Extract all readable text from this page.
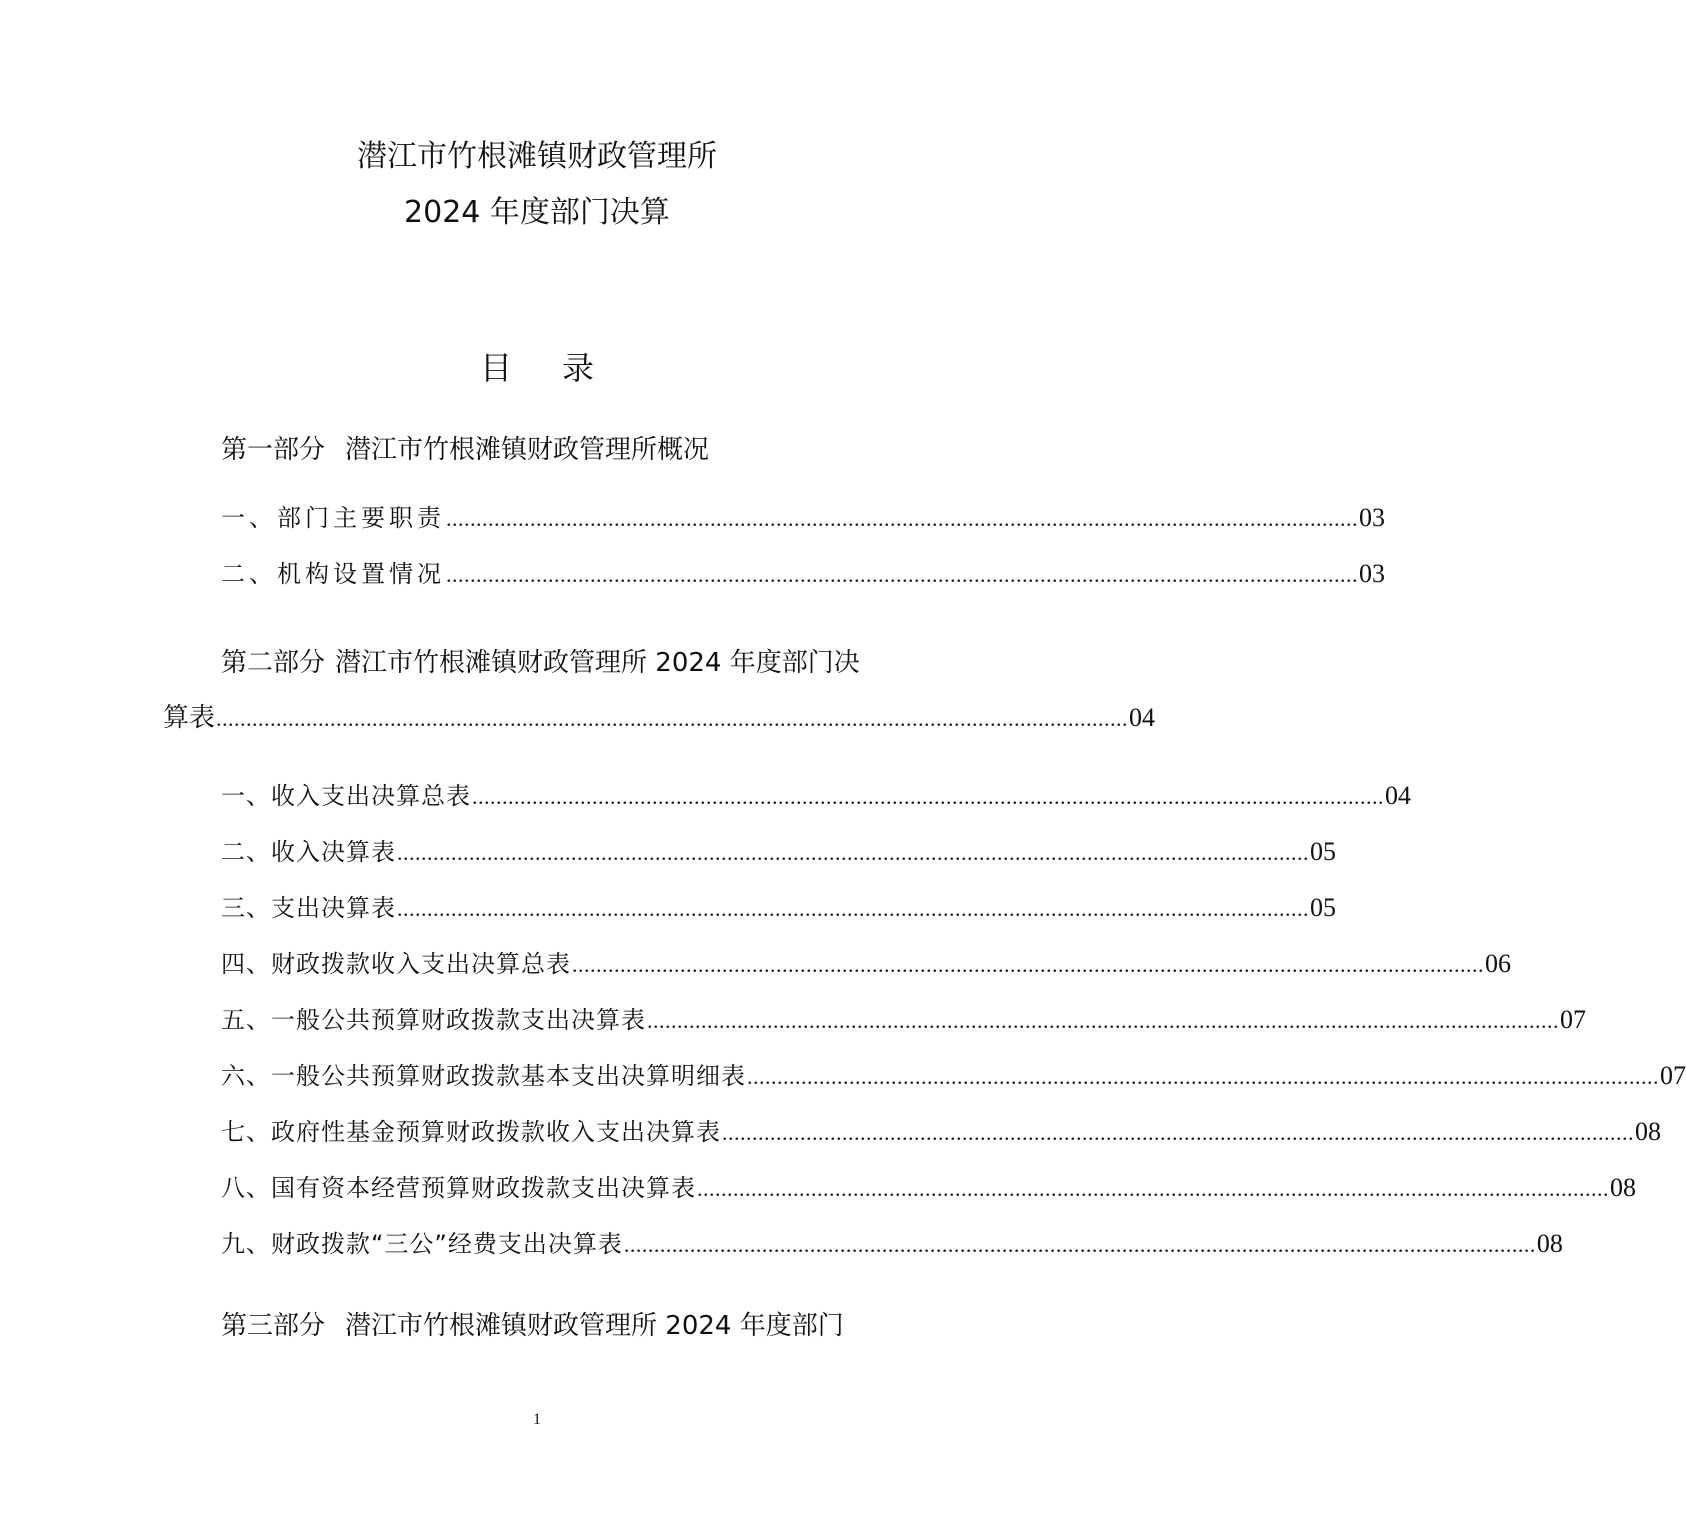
潜江市竹根滩镇财政管理所
2024 年度部门决算
目录
第一部分 潜江市竹根滩镇财政管理所概况
一、部门主要职责 ........................................................................................................................................................ 03
二、机构设置情况 ........................................................................................................................................................ 03
第二部分 潜江市竹根滩镇财政管理所 2024 年度部门决
算表 ........................................................................................................................................................ 04
一、收入支出决算总表 ........................................................................................................................................................ 04
二、收入决算表 ........................................................................................................................................................ 05
三、支出决算表 ........................................................................................................................................................ 05
四、财政拨款收入支出决算总表 ........................................................................................................................................................ 06
五、一般公共预算财政拨款支出决算表 ........................................................................................................................................................ 07
六、一般公共预算财政拨款基本支出决算明细表 ........................................................................................................................................................ 07
七、政府性基金预算财政拨款收入支出决算表 ........................................................................................................................................................ 08
八、国有资本经营预算财政拨款支出决算表 ........................................................................................................................................................ 08
九、财政拨款“三公”经费支出决算表 ........................................................................................................................................................ 08
第三部分 潜江市竹根滩镇财政管理所 2024 年度部门
1
